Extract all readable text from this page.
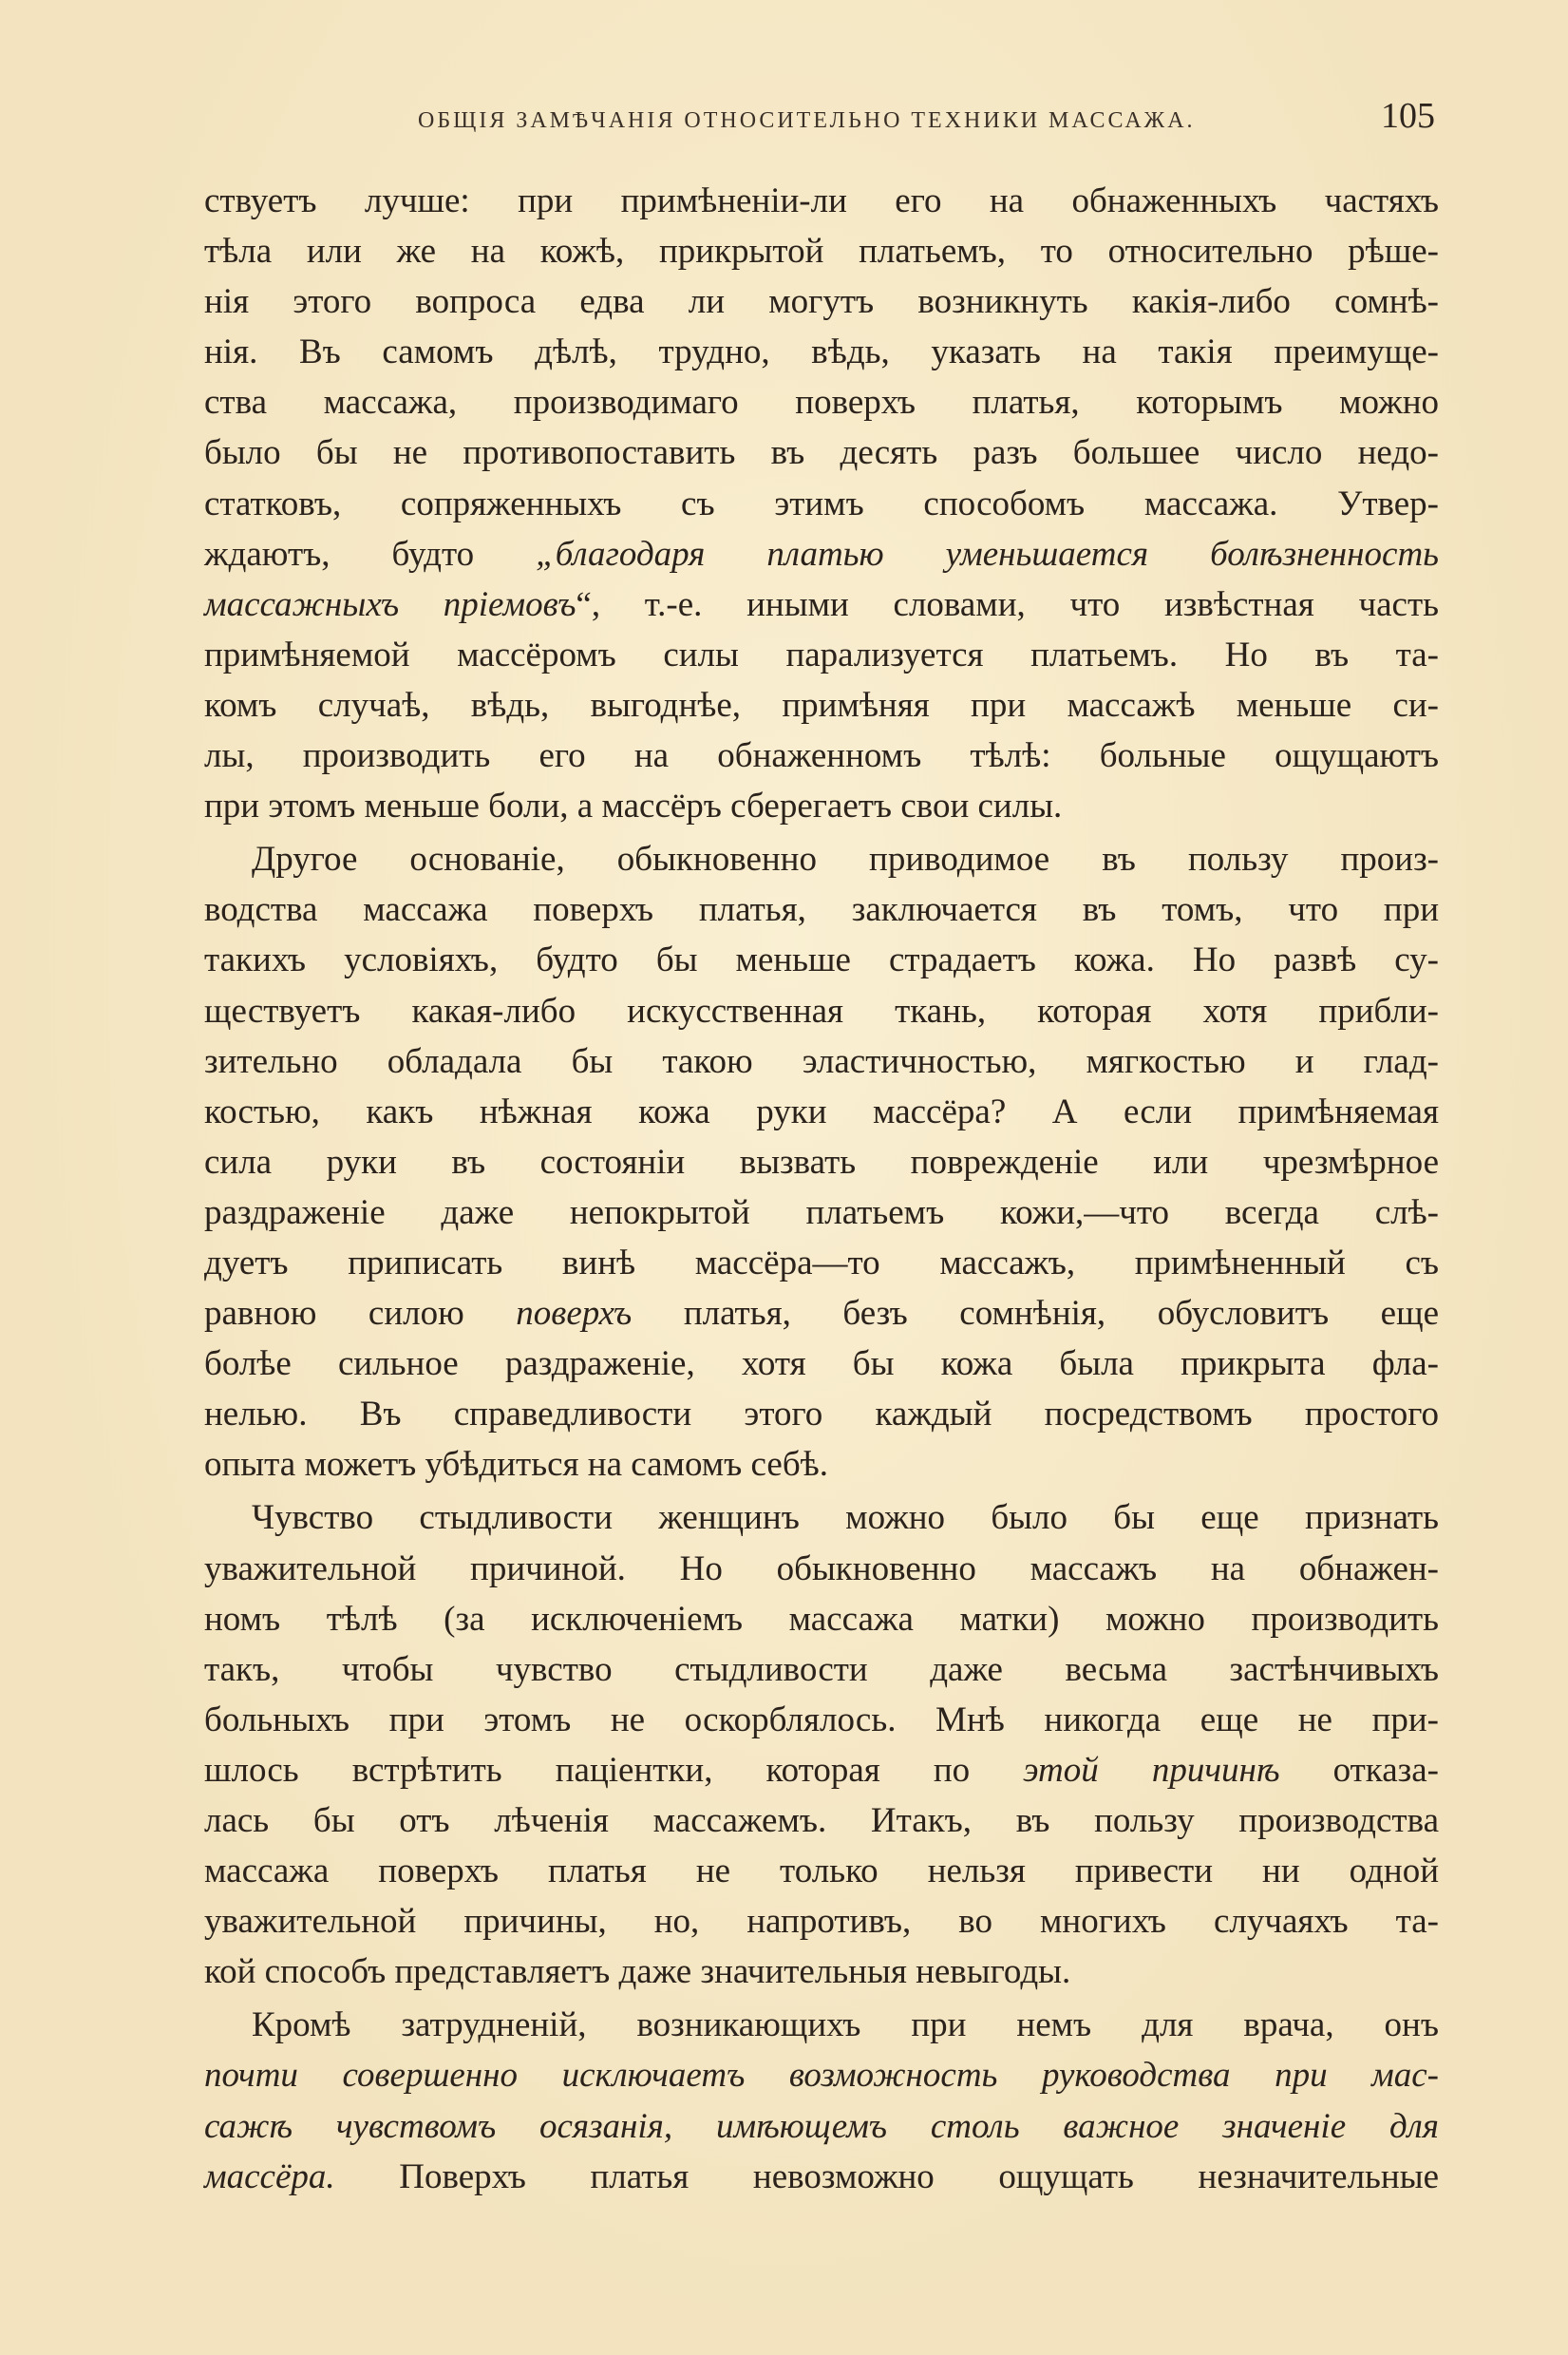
ОБЩІЯ ЗАМѢЧАНІЯ ОТНОСИТЕЛЬНО ТЕХНИКИ МАССАЖА.	105
ствуетъ лучше: при примѣненіи-ли его на обнаженныхъ частяхъ
тѣла или же на кожѣ, прикрытой платьемъ, то относительно рѣше-
нія этого вопроса едва ли могутъ возникнуть какія-либо сомнѣ-
нія. Въ самомъ дѣлѣ, трудно, вѣдь, указать на такія преимуще-
ства массажа, производимаго поверхъ платья, которымъ можно
было бы не противопоставить въ десять разъ большее число недо-
статковъ, сопряженныхъ съ этимъ способомъ массажа. Утвер-
ждаютъ, будто „благодаря платью уменьшается болѣзненность
массажныхъ пріемовъ“, т.-е. иными словами, что извѣстная часть
примѣняемой массёромъ силы парализуется платьемъ. Но въ та-
комъ случаѣ, вѣдь, выгоднѣе, примѣняя при массажѣ меньше си-
лы, производить его на обнаженномъ тѣлѣ: больные ощущаютъ
при этомъ меньше боли, а массёръ сберегаетъ свои силы.
Другое основаніе, обыкновенно приводимое въ пользу произ-
водства массажа поверхъ платья, заключается въ томъ, что при
такихъ условіяхъ, будто бы меньше страдаетъ кожа. Но развѣ су-
ществуетъ какая-либо искусственная ткань, которая хотя прибли-
зительно обладала бы такою эластичностью, мягкостью и глад-
костью, какъ нѣжная кожа руки массёра? А если примѣняемая
сила руки въ состояніи вызвать поврежденіе или чрезмѣрное
раздраженіе даже непокрытой платьемъ кожи,—что всегда слѣ-
дуетъ приписать винѣ массёра—то массажъ, примѣненный съ
равною силою поверхъ платья, безъ сомнѣнія, обусловитъ еще
болѣе сильное раздраженіе, хотя бы кожа была прикрыта фла-
нелью. Въ справедливости этого каждый посредствомъ простого
опыта можетъ убѣдиться на самомъ себѣ.
Чувство стыдливости женщинъ можно было бы еще признать
уважительной причиной. Но обыкновенно массажъ на обнажен-
номъ тѣлѣ (за исключеніемъ массажа матки) можно производить
такъ, чтобы чувство стыдливости даже весьма застѣнчивыхъ
больныхъ при этомъ не оскорблялось. Мнѣ никогда еще не при-
шлось встрѣтить паціентки, которая по этой причинѣ отказа-
лась бы отъ лѣченія массажемъ. Итакъ, въ пользу производства
массажа поверхъ платья не только нельзя привести ни одной
уважительной причины, но, напротивъ, во многихъ случаяхъ та-
кой способъ представляетъ даже значительныя невыгоды.
Кромѣ затрудненій, возникающихъ при немъ для врача, онъ
почти совершенно исключаетъ возможность руководства при мас-
сажѣ чувствомъ осязанія, имѣющемъ столь важное значеніе для
массёра. Поверхъ платья невозможно ощущать незначительные
